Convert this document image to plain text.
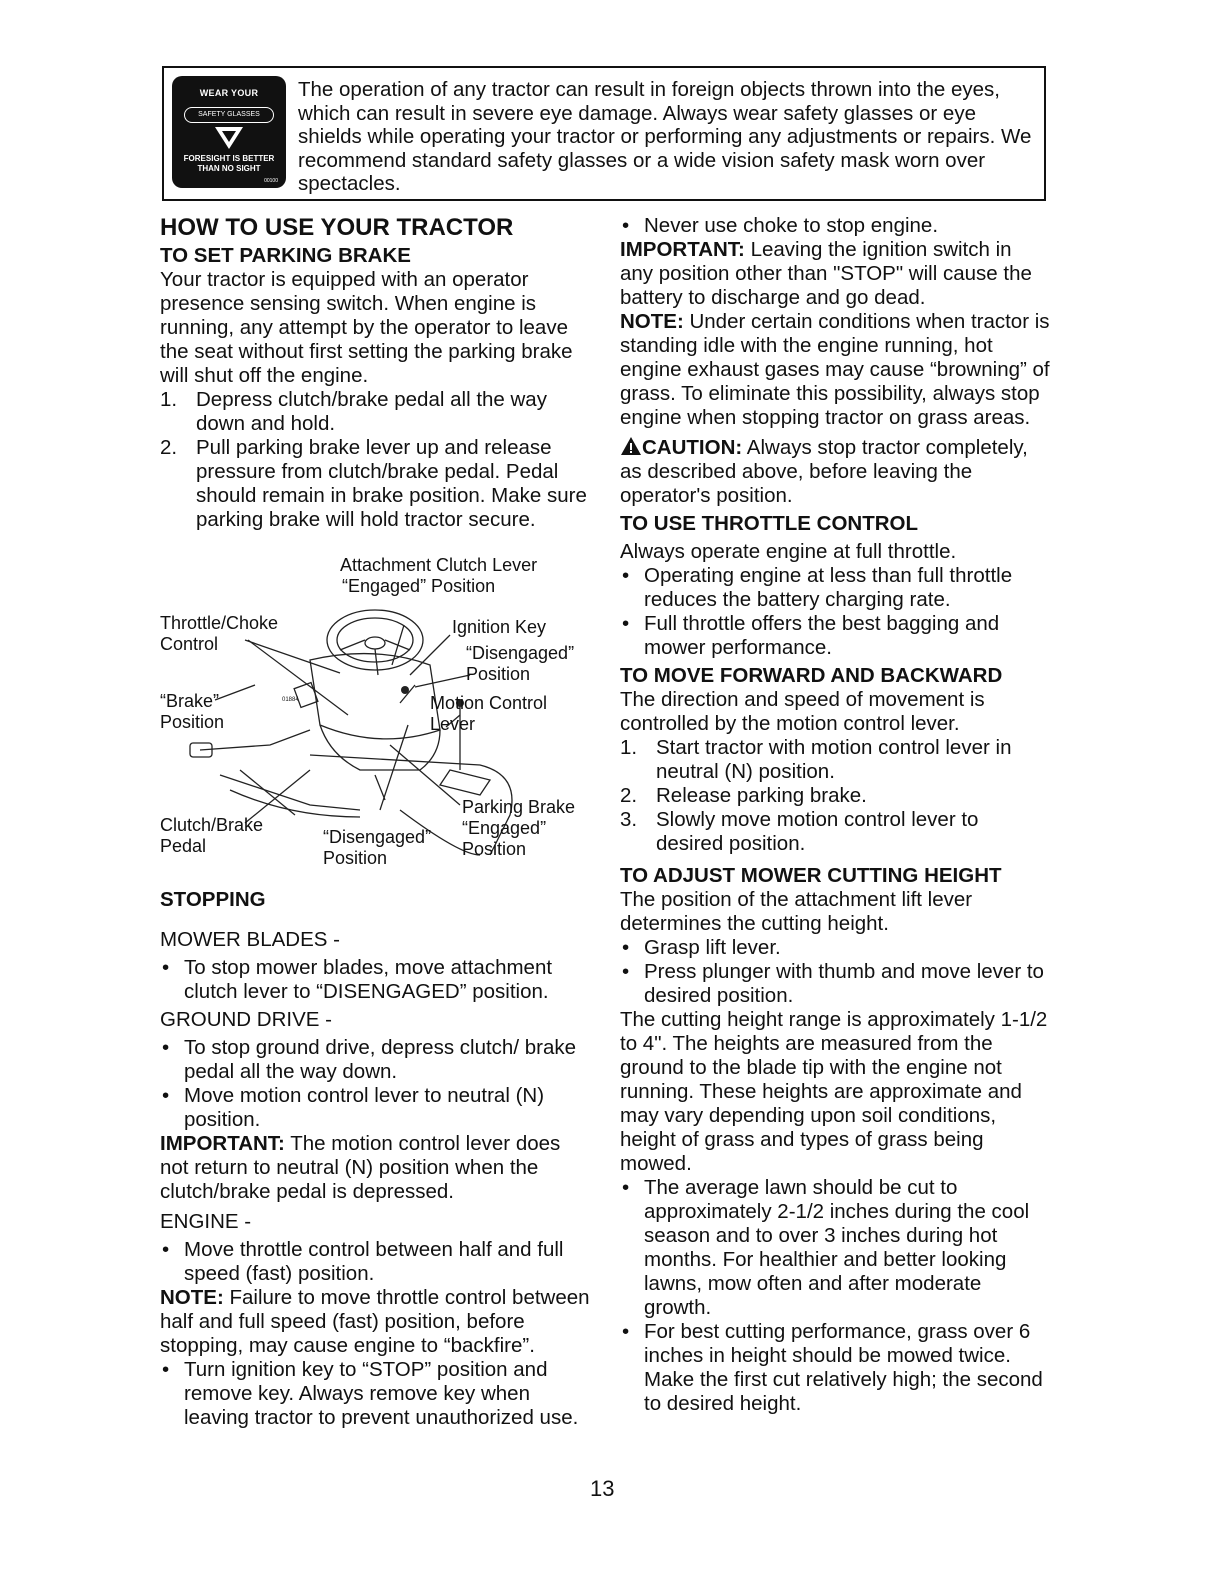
WEAR YOUR
SAFETY GLASSES
FORESIGHT IS BETTER
THAN NO SIGHT
00100
The operation of any tractor can result in foreign objects thrown into the eyes, which can result in severe eye damage. Always wear safety glasses or eye shields while operating your tractor or performing any adjustments or repairs. We recommend standard safety glasses or a wide vision safety mask worn over spectacles.

HOW TO USE YOUR TRACTOR

TO SET PARKING BRAKE

Your tractor is equipped with an operator presence sensing switch. When engine is running, any attempt by the operator to leave the seat without first setting the parking brake will shut off the engine.

1. Depress clutch/brake pedal all the way down and hold.

2. Pull parking brake lever up and release pressure from clutch/brake pedal. Pedal should remain in brake position. Make sure parking brake will hold tractor secure.

Attachment Clutch Lever
“Engaged” Position
Throttle/Choke
Control
Ignition Key
“Disengaged”
Position
“Brake”
Position
Motion Control
Lever
Parking Brake
“Engaged”
Position
Clutch/Brake
Pedal	“Disengaged”
Position
01884

STOPPING

MOWER BLADES -

• To stop mower blades, move attachment clutch lever to “DISENGAGED” position.

GROUND DRIVE -

• To stop ground drive, depress clutch/ brake pedal all the way down.

• Move motion control lever to neutral (N) position.

IMPORTANT: The motion control lever does not return to neutral (N) position when the clutch/brake pedal is depressed.

ENGINE -

• Move throttle control between half and full speed (fast) position.

NOTE: Failure to move throttle control between half and full speed (fast) position, before stopping, may cause engine to “backfire”.

• Turn ignition key to “STOP” position and remove key. Always remove key when leaving tractor to prevent unauthorized use.

• Never use choke to stop engine.

IMPORTANT: Leaving the ignition switch in any position other than "STOP" will cause the battery to discharge and go dead.

NOTE: Under certain conditions when tractor is standing idle with the engine running, hot engine exhaust gases may cause “browning” of grass. To eliminate this possibility, always stop engine when stopping tractor on grass areas.

CAUTION: Always stop tractor completely, as described above, before leaving the operator's position.

TO USE THROTTLE CONTROL

Always operate engine at full throttle.

• Operating engine at less than full throttle reduces the battery charging rate.

• Full throttle offers the best bagging and mower performance.

TO MOVE FORWARD AND BACKWARD

The direction and speed of movement is controlled by the motion control lever.

1. Start tractor with motion control lever in neutral (N) position.

2. Release parking brake.

3. Slowly move motion control lever to desired position.

TO ADJUST MOWER CUTTING HEIGHT

The position of the attachment lift lever determines the cutting height.

• Grasp lift lever.

• Press plunger with thumb and move lever to desired position.

The cutting height range is approximately 1-1/2 to 4". The heights are measured from the ground to the blade tip with the engine not running. These heights are approximate and may vary depending upon soil conditions, height of grass and types of grass being mowed.

• The average lawn should be cut to approximately 2-1/2 inches during the cool season and to over 3 inches during hot months. For healthier and better looking lawns, mow often and after moderate growth.

• For best cutting performance, grass over 6 inches in height should be mowed twice. Make the first cut relatively high; the second to desired height.

13
